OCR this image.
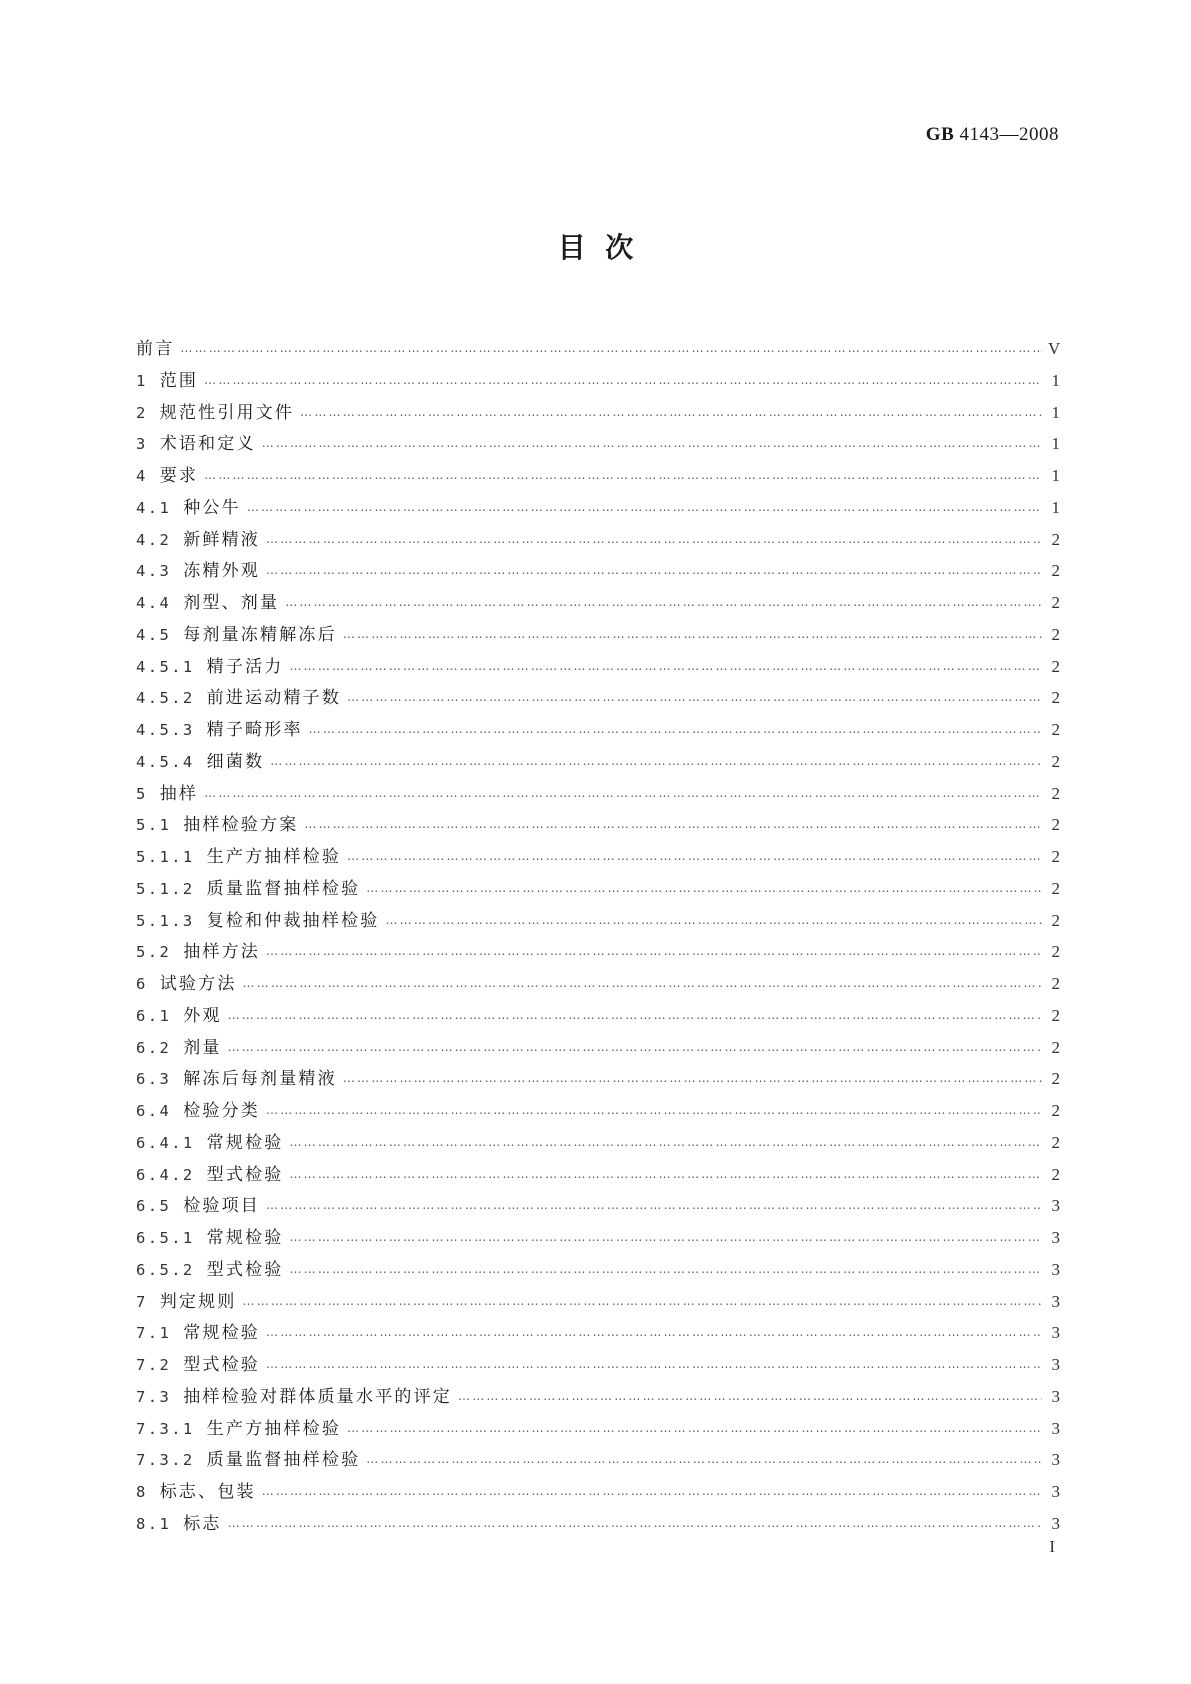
GB 4143—2008
目  次
前言 …………………………………………………………………………………………………………………………………………………………………………………………………………………………………………………………………………	V
1 范围 …………………………………………………………………………………………………………………………………………………………………………………………………………………………………………………………………………	1
2 规范性引用文件 …………………………………………………………………………………………………………………………………………………………………………………………………………………………………………………………………………	1
3 术语和定义 …………………………………………………………………………………………………………………………………………………………………………………………………………………………………………………………………………	1
4 要求 …………………………………………………………………………………………………………………………………………………………………………………………………………………………………………………………………………	1
4.1 种公牛 …………………………………………………………………………………………………………………………………………………………………………………………………………………………………………………………………………	1
4.2 新鲜精液 …………………………………………………………………………………………………………………………………………………………………………………………………………………………………………………………………………	2
4.3 冻精外观 …………………………………………………………………………………………………………………………………………………………………………………………………………………………………………………………………………	2
4.4 剂型、剂量 …………………………………………………………………………………………………………………………………………………………………………………………………………………………………………………………………………	2
4.5 每剂量冻精解冻后 …………………………………………………………………………………………………………………………………………………………………………………………………………………………………………………………………………	2
4.5.1 精子活力 …………………………………………………………………………………………………………………………………………………………………………………………………………………………………………………………………………	2
4.5.2 前进运动精子数 …………………………………………………………………………………………………………………………………………………………………………………………………………………………………………………………………………	2
4.5.3 精子畸形率 …………………………………………………………………………………………………………………………………………………………………………………………………………………………………………………………………………	2
4.5.4 细菌数 …………………………………………………………………………………………………………………………………………………………………………………………………………………………………………………………………………	2
5 抽样 …………………………………………………………………………………………………………………………………………………………………………………………………………………………………………………………………………	2
5.1 抽样检验方案 …………………………………………………………………………………………………………………………………………………………………………………………………………………………………………………………………………	2
5.1.1 生产方抽样检验 …………………………………………………………………………………………………………………………………………………………………………………………………………………………………………………………………………	2
5.1.2 质量监督抽样检验 …………………………………………………………………………………………………………………………………………………………………………………………………………………………………………………………………………	2
5.1.3 复检和仲裁抽样检验 …………………………………………………………………………………………………………………………………………………………………………………………………………………………………………………………………………	2
5.2 抽样方法 …………………………………………………………………………………………………………………………………………………………………………………………………………………………………………………………………………	2
6 试验方法 …………………………………………………………………………………………………………………………………………………………………………………………………………………………………………………………………………	2
6.1 外观 …………………………………………………………………………………………………………………………………………………………………………………………………………………………………………………………………………	2
6.2 剂量 …………………………………………………………………………………………………………………………………………………………………………………………………………………………………………………………………………	2
6.3 解冻后每剂量精液 …………………………………………………………………………………………………………………………………………………………………………………………………………………………………………………………………………	2
6.4 检验分类 …………………………………………………………………………………………………………………………………………………………………………………………………………………………………………………………………………	2
6.4.1 常规检验 …………………………………………………………………………………………………………………………………………………………………………………………………………………………………………………………………………	2
6.4.2 型式检验 …………………………………………………………………………………………………………………………………………………………………………………………………………………………………………………………………………	2
6.5 检验项目 …………………………………………………………………………………………………………………………………………………………………………………………………………………………………………………………………………	3
6.5.1 常规检验 …………………………………………………………………………………………………………………………………………………………………………………………………………………………………………………………………………	3
6.5.2 型式检验 …………………………………………………………………………………………………………………………………………………………………………………………………………………………………………………………………………	3
7 判定规则 …………………………………………………………………………………………………………………………………………………………………………………………………………………………………………………………………………	3
7.1 常规检验 …………………………………………………………………………………………………………………………………………………………………………………………………………………………………………………………………………	3
7.2 型式检验 …………………………………………………………………………………………………………………………………………………………………………………………………………………………………………………………………………	3
7.3 抽样检验对群体质量水平的评定 …………………………………………………………………………………………………………………………………………………………………………………………………………………………………………………………………………	3
7.3.1 生产方抽样检验 …………………………………………………………………………………………………………………………………………………………………………………………………………………………………………………………………………	3
7.3.2 质量监督抽样检验 …………………………………………………………………………………………………………………………………………………………………………………………………………………………………………………………………………	3
8 标志、包装 …………………………………………………………………………………………………………………………………………………………………………………………………………………………………………………………………………	3
8.1 标志 …………………………………………………………………………………………………………………………………………………………………………………………………………………………………………………………………………	3
I
